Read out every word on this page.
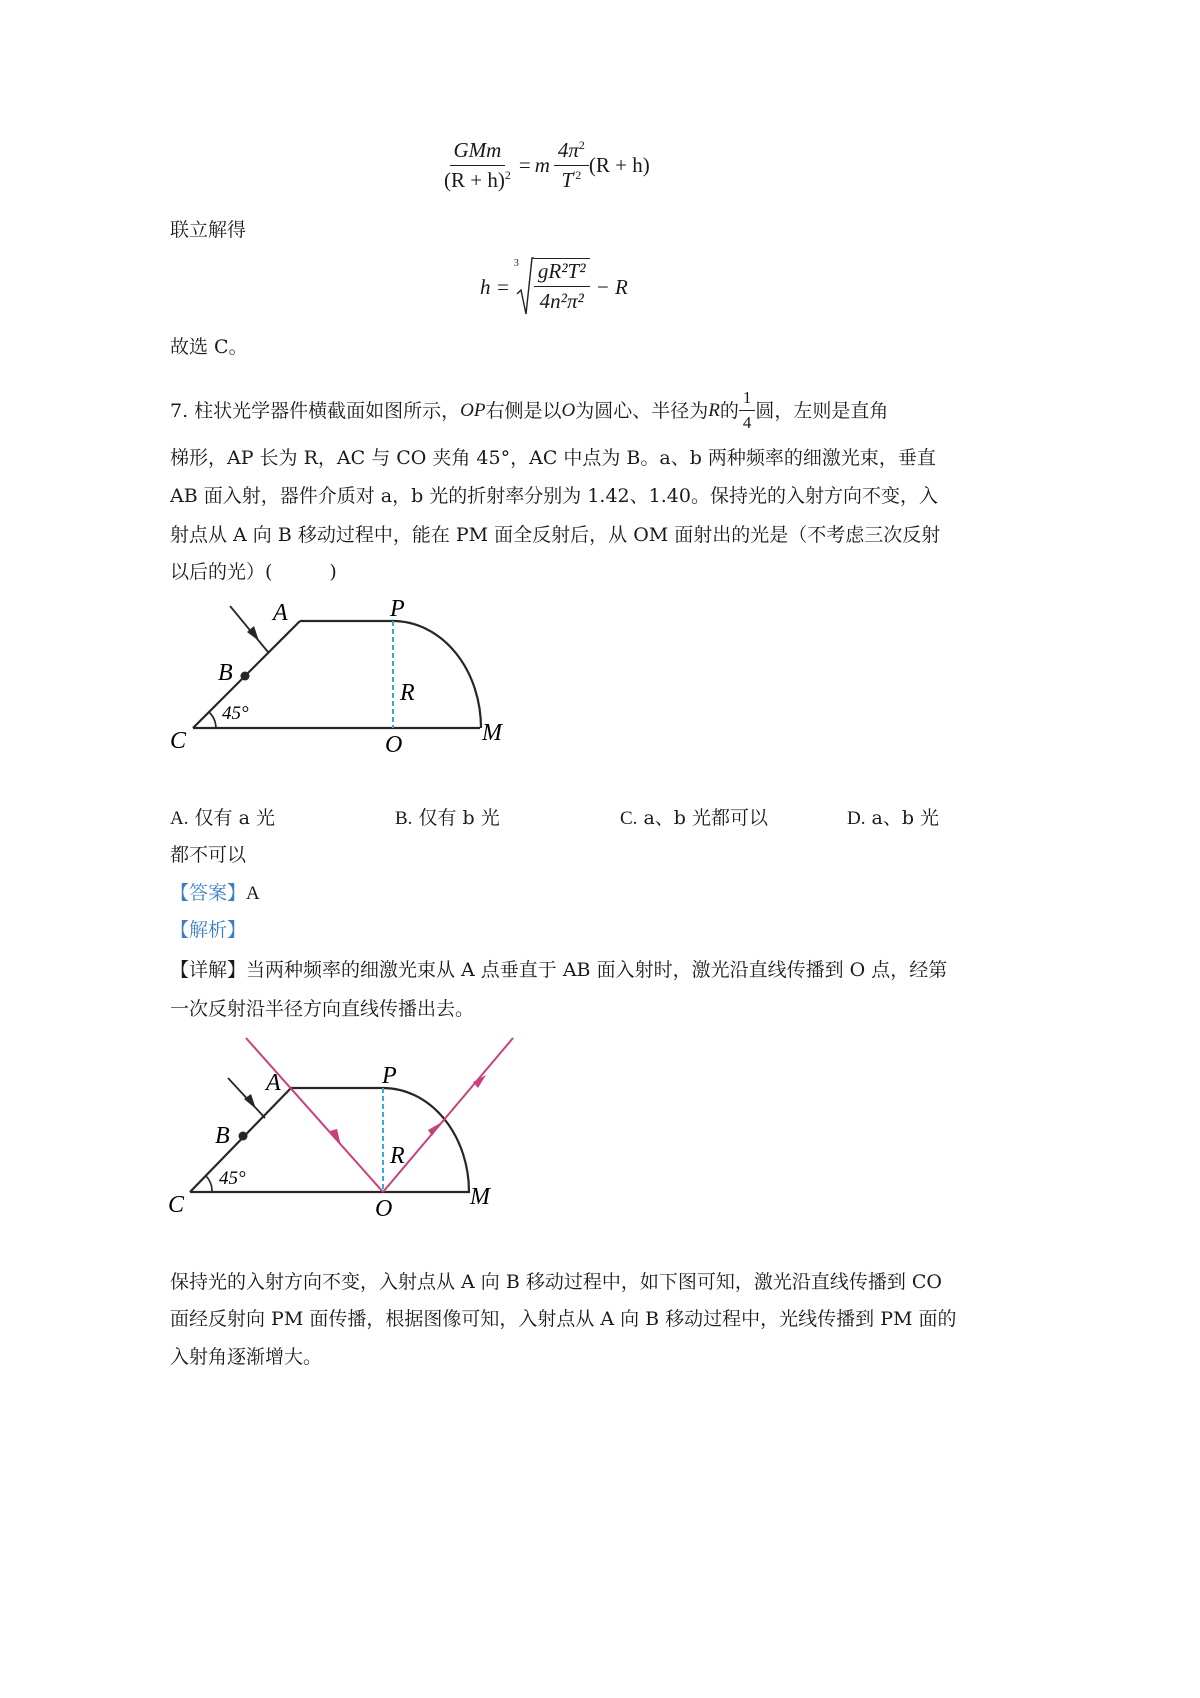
$\frac{\text{GMm}}{(R + h)^2} = m \frac{4\pi^2}{T^{'2}} (R + h)$
联立解得
h =
$3 \frac{\text{gR²T²}}{\text{4n²π²}} - R$
故选 C。
7. 柱状光学器件横截面如图所示， OP 右侧是以 O 为圆心、半径为 R 的 $\frac{1}{4}$ 圆，左则是直角
梯形，AP 长为 R，AC 与 CO 夹角 45°，AC 中点为 B。a、b 两种频率的细激光束，垂直
AB 面入射，器件介质对 a，b 光的折射率分别为 1.42、1.40。保持光的入射方向不变，入
射点从 A 向 B 移动过程中，能在 PM 面全反射后，从 OM 面射出的光是（不考虑三次反射
以后的光）(　　　)
A	P
B
R
45°
C	O	M
A. 仅有 a 光	B. 仅有 b 光	C. a、b 光都可以	D. a、b 光
都不可以
【答案】A
【解析】
【详解】当两种频率的细激光束从 A 点垂直于 AB 面入射时，激光沿直线传播到 O 点，经第
一次反射沿半径方向直线传播出去。
A	P
B
R
45°
C	O	M
保持光的入射方向不变，入射点从 A 向 B 移动过程中，如下图可知，激光沿直线传播到 CO
面经反射向 PM 面传播，根据图像可知，入射点从 A 向 B 移动过程中，光线传播到 PM 面的
入射角逐渐增大。
